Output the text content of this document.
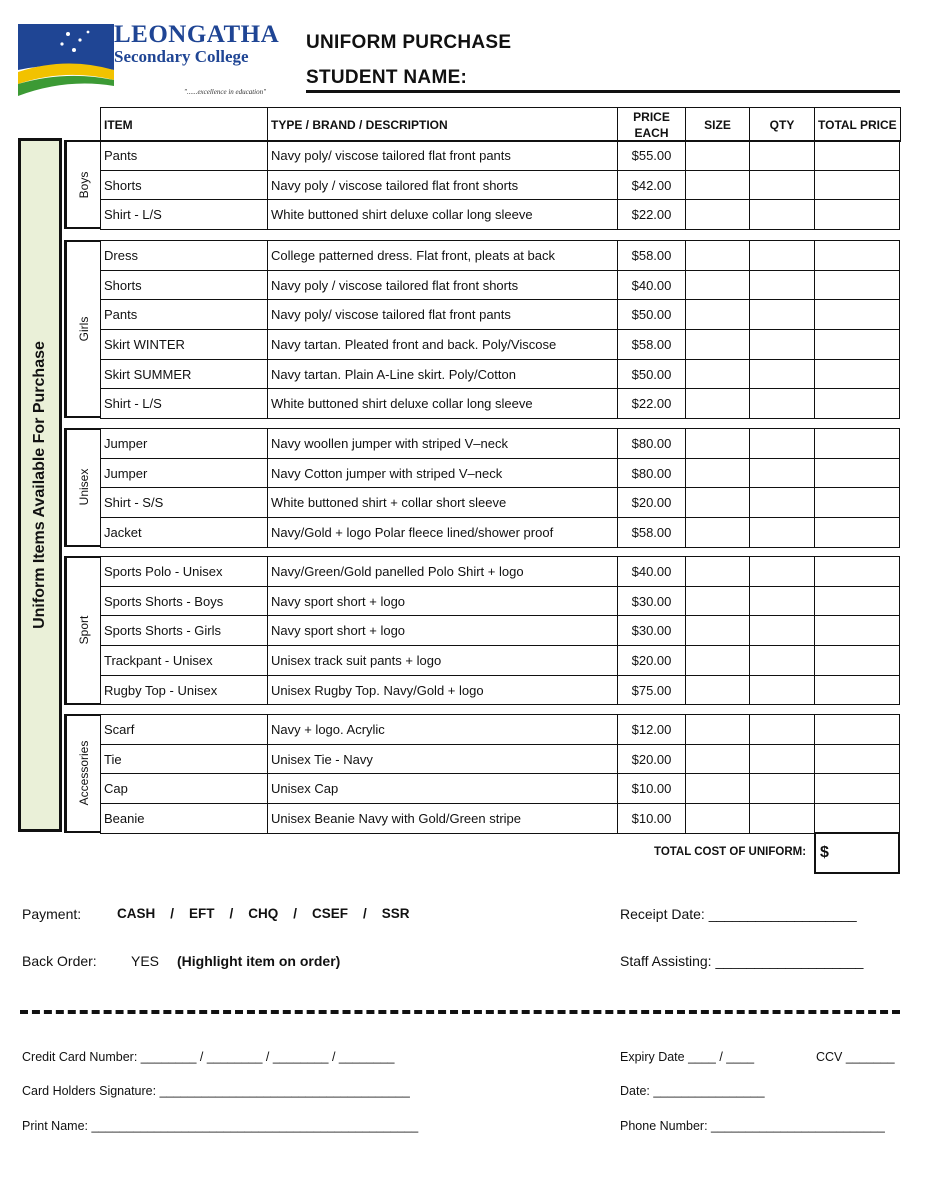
LEONGATHA
Secondary College
"......excellence in education"
UNIFORM PURCHASE
STUDENT NAME:
Uniform Items Available For Purchase
ITEM	TYPE / BRAND / DESCRIPTION	PRICE EACH	SIZE	QTY	TOTAL PRICE
Boys
Pants	Navy poly/ viscose tailored flat front pants	$55.00			
Shorts	Navy poly / viscose tailored flat front shorts	$42.00			
Shirt - L/S	White buttoned shirt deluxe collar long sleeve	$22.00			
Girls
Dress	College patterned dress. Flat front, pleats at back	$58.00			
Shorts	Navy poly / viscose tailored flat front shorts	$40.00			
Pants	Navy poly/ viscose tailored flat front pants	$50.00			
Skirt WINTER	Navy tartan. Pleated front and back. Poly/Viscose	$58.00			
Skirt SUMMER	Navy tartan. Plain A-Line skirt. Poly/Cotton	$50.00			
Shirt - L/S	White buttoned shirt deluxe collar long sleeve	$22.00			
Unisex
Jumper	Navy woollen jumper with striped V–neck	$80.00			
Jumper	Navy Cotton jumper with striped V–neck	$80.00			
Shirt - S/S	White buttoned shirt + collar short sleeve	$20.00			
Jacket	Navy/Gold + logo Polar fleece lined/shower proof	$58.00			
Sport
Sports Polo - Unisex	Navy/Green/Gold panelled Polo Shirt + logo	$40.00			
Sports Shorts - Boys	Navy sport short + logo	$30.00			
Sports Shorts - Girls	Navy sport short + logo	$30.00			
Trackpant - Unisex	Unisex track suit pants + logo	$20.00			
Rugby Top - Unisex	Unisex Rugby Top. Navy/Gold + logo	$75.00			
Accessories
Scarf	Navy + logo. Acrylic	$12.00			
Tie	Unisex Tie - Navy	$20.00			
Cap	Unisex Cap	$10.00			
Beanie	Unisex Beanie Navy with Gold/Green stripe	$10.00			
TOTAL COST OF UNIFORM: $
Payment:	CASH    /    EFT    /    CHQ    /    CSEF    /    SSR	Receipt Date: ___________________
Back Order: YES (Highlight item on order)	Staff Assisting: ___________________
Credit Card Number: ________ / ________ / ________ / ________	Expiry Date ____ / ____	CCV _______
Card Holders Signature: ____________________________________	Date: ________________
Print Name: _______________________________________________	Phone Number: _________________________
